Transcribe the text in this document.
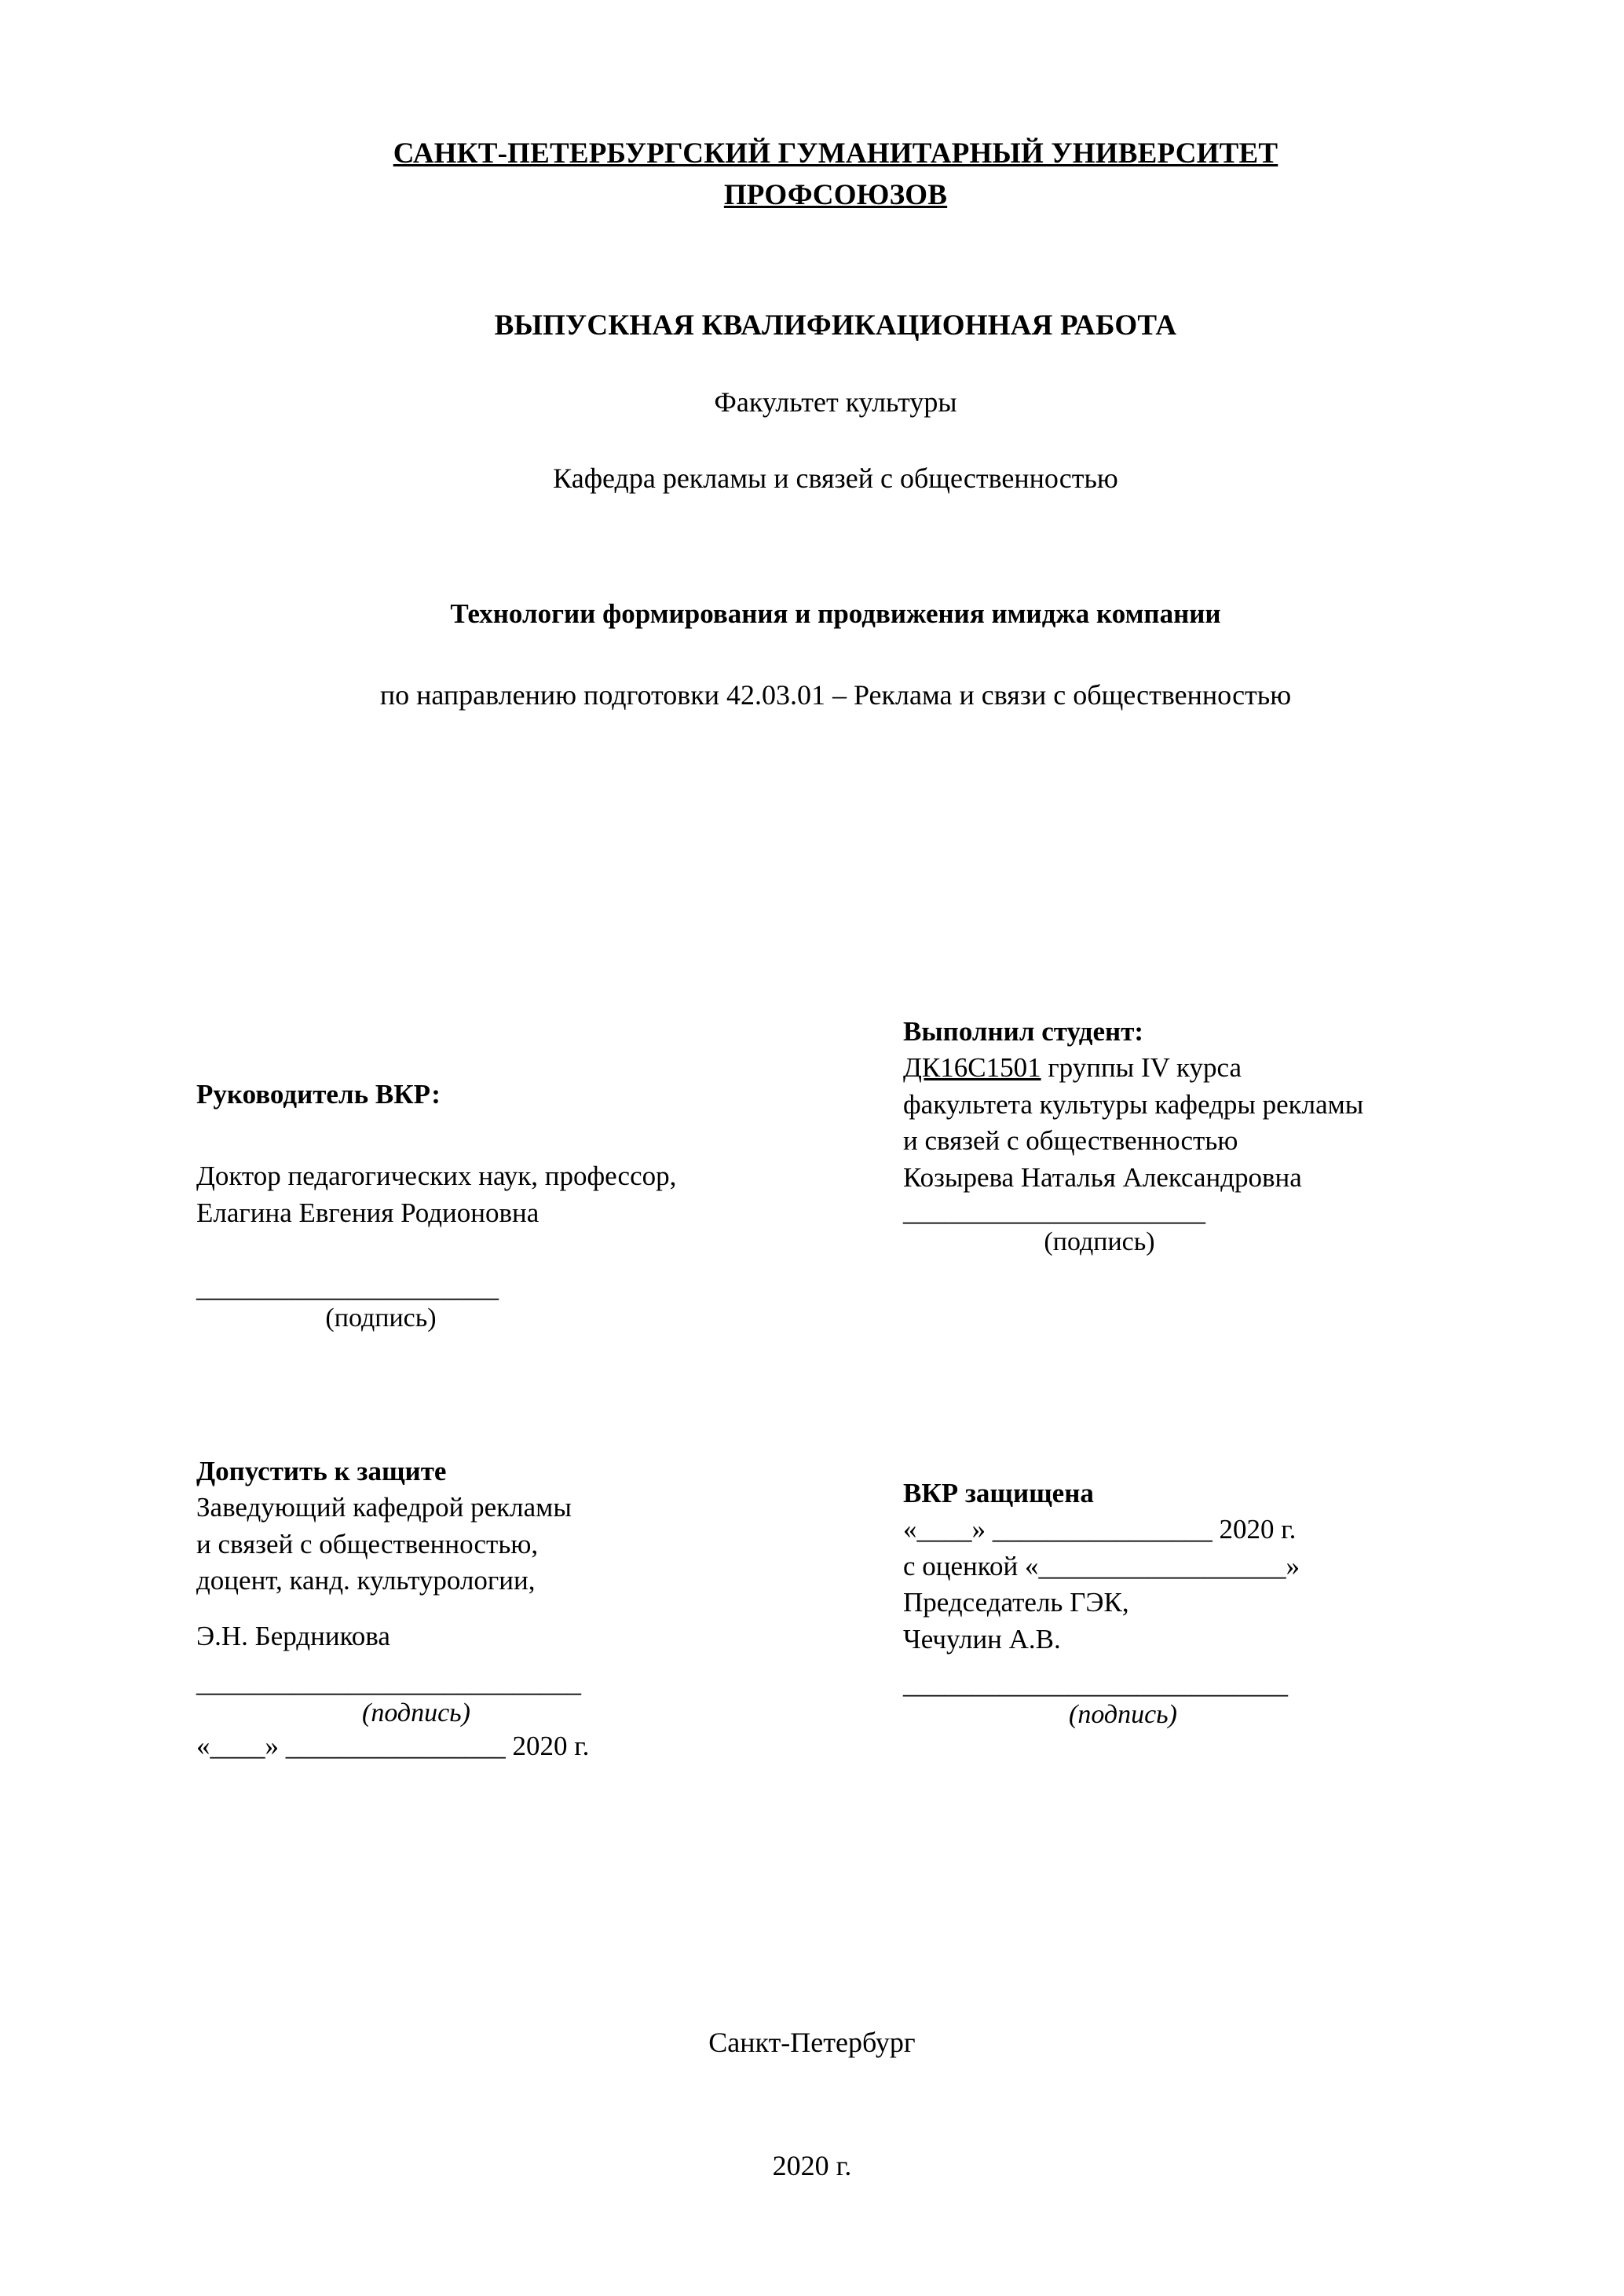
САНКТ-ПЕТЕРБУРГСКИЙ ГУМАНИТАРНЫЙ УНИВЕРСИТЕТ
ПРОФСОЮЗОВ
ВЫПУСКНАЯ КВАЛИФИКАЦИОННАЯ РАБОТА
Факультет культуры
Кафедра рекламы и связей с общественностью
Технологии формирования и продвижения имиджа компании
по направлению подготовки 42.03.01 – Реклама и связи с общественностью
Выполнил студент:
ДК16С1501 группы IV курса
факультета культуры кафедры рекламы
и связей с общественностью
Козырева Наталья Александровна
______________________
(подпись)
Руководитель ВКР:
Доктор педагогических наук, профессор,
Елагина Евгения Родионовна
______________________
(подпись)
Допустить к защите
Заведующий кафедрой рекламы
и связей с общественностью,
доцент, канд. культурологии,
Э.Н. Бердникова
____________________________
(подпись)
«____» ________________ 2020 г.
ВКР защищена
«____» ________________ 2020 г.
с оценкой «__________________»
Председатель ГЭК,
Чечулин А.В.
____________________________
(подпись)
Санкт-Петербург
2020 г.
